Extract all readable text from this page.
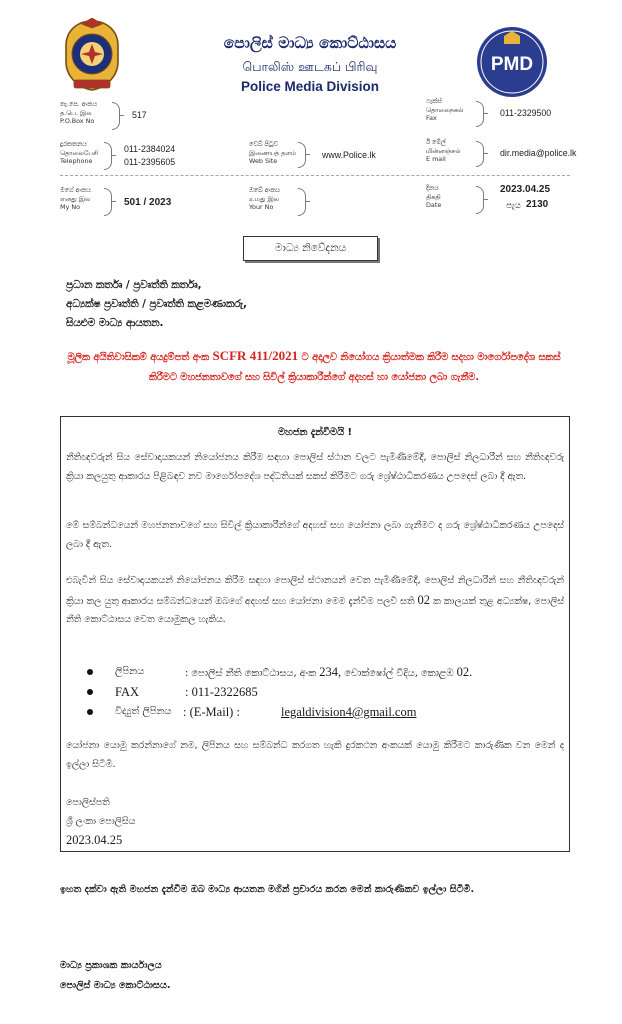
පොලිස් මාධ්‍ය කොට්ඨාසය
பொலிஸ் ஊடகப் பிரிவு
Police Media Division
PMD
තැ.පෙ. අංකය
த.பெ. இல
P.O.Box No
517
ෆැක්ස්
தொலைநகல்
Fax
011-2329500
දුරකතනය
தொலைபேசி
Telephone
011-2384024
011-2395605
වෙබ් පිටුව
இணையத் தளம்
Web Site
www.Police.lk
ඊ මේල්
மின்னஞ்சல்
E mail
dir.media@police.lk
මගේ අංකය
எனது இல
My No	501 / 2023
ඔබේ අංකය
உமது இல
Your No
දිනය
திகதி
Date
2023.04.25
පැය 2130
මාධ්‍ය නිවේදනය
ප්‍රධාන කර්තෘ / ප්‍රවෘත්ති කර්තෘ,
අධ්‍යක්ෂ ප්‍රවෘත්ති / ප්‍රවෘත්ති කළමණාකරු,
සියළුම මාධ්‍ය ආයතන.
මූලික අයිතිවාසිකම් අයදුම්පත් අංක SCFR 411/2021 ට අදාලව නියෝගය ක්‍රියාත්මක කිරීම සදහා මාර්ගෝපදේශ සකස් කිරීමට මහජනතාවගේ සහ සිවිල් ක්‍රියාකාරීන්ගේ අදහස් හා යෝජනා ලබා ගැනීම.
මහජන දැන්වීමයි !
නීතිඥවරුන් සිය සේවාදායකයන් නියෝජනය කිරීම සඳහා පොලිස් ස්ථාන වලට පැමිණීමේදී, පොලිස් නිලධාරීන් සහ නීතිඥවරු ක්‍රියා කලයුතු ආකාරය පිළිබඳව නව මාර්ගෝපදේශ පද්ධතියක් සකස් කිරීමට ගරු ශ්‍රේෂ්ඨාධිකරණය උපදෙස් ලබා දී ඇත.
මේ සම්බන්ධයෙන් මහජනතාවගේ සහ සිවිල් ක්‍රියාකාරීන්ගේ අදහස් සහ යෝජනා ලබා ගැනීමට ද ගරු ශ්‍රේෂ්ඨාධිකරණය උපදෙස් ලබා දී ඇත.
එබැවින් සිය සේවාදායකයන් නියෝජනය කිරීම සඳහා පොලිස් ස්ථානයන් වෙත පැමිණීමේදී, පොලිස් නිලධාරීන් සහ නීතිඥවරුන් ක්‍රියා කල යුතු ආකාරය සම්බන්ධයෙන් ඔබගේ අදහස් සහ යෝජනා මෙම දැන්වීම පලවී සති 02 ක කාලයක් තුළ අධ්‍යක්ෂ, පොලිස් නීති කොට්ඨාසය වෙත යොමුකල හැකිය.
ලිපිනය	: පොලිස් නීති කොට්ඨාසය, අංක 234, චොක්ෂෝල් වීදිය, කොළඹ 02.
FAX	: 011-2322685
විද්‍යුත් ලිපිනය : (E-Mail) :	legaldivision4@gmail.com
යෝජනා යොමු කරන්නාගේ නම, ලිපිනය සහ සම්බන්ධ කරගත හැකි දුරකථන අංකයක් යොමු කිරීමට කාරුණික වන මෙන් ද ඉල්ලා සිටිමි.
පොලිස්පති
ශ්‍රී ලංකා පොලිසිය
2023.04.25
ඉහත දක්වා ඇති මහජන දැන්වීම ඔබ මාධ්‍ය ආයතන මගින් ප්‍රචාරය කරන මෙන් කාරුණිකව ඉල්ලා සිටිමි.
මාධ්‍ය ප්‍රකාශක කාර්යාලය
පොලිස් මාධ්‍ය කොට්ඨාසය.
